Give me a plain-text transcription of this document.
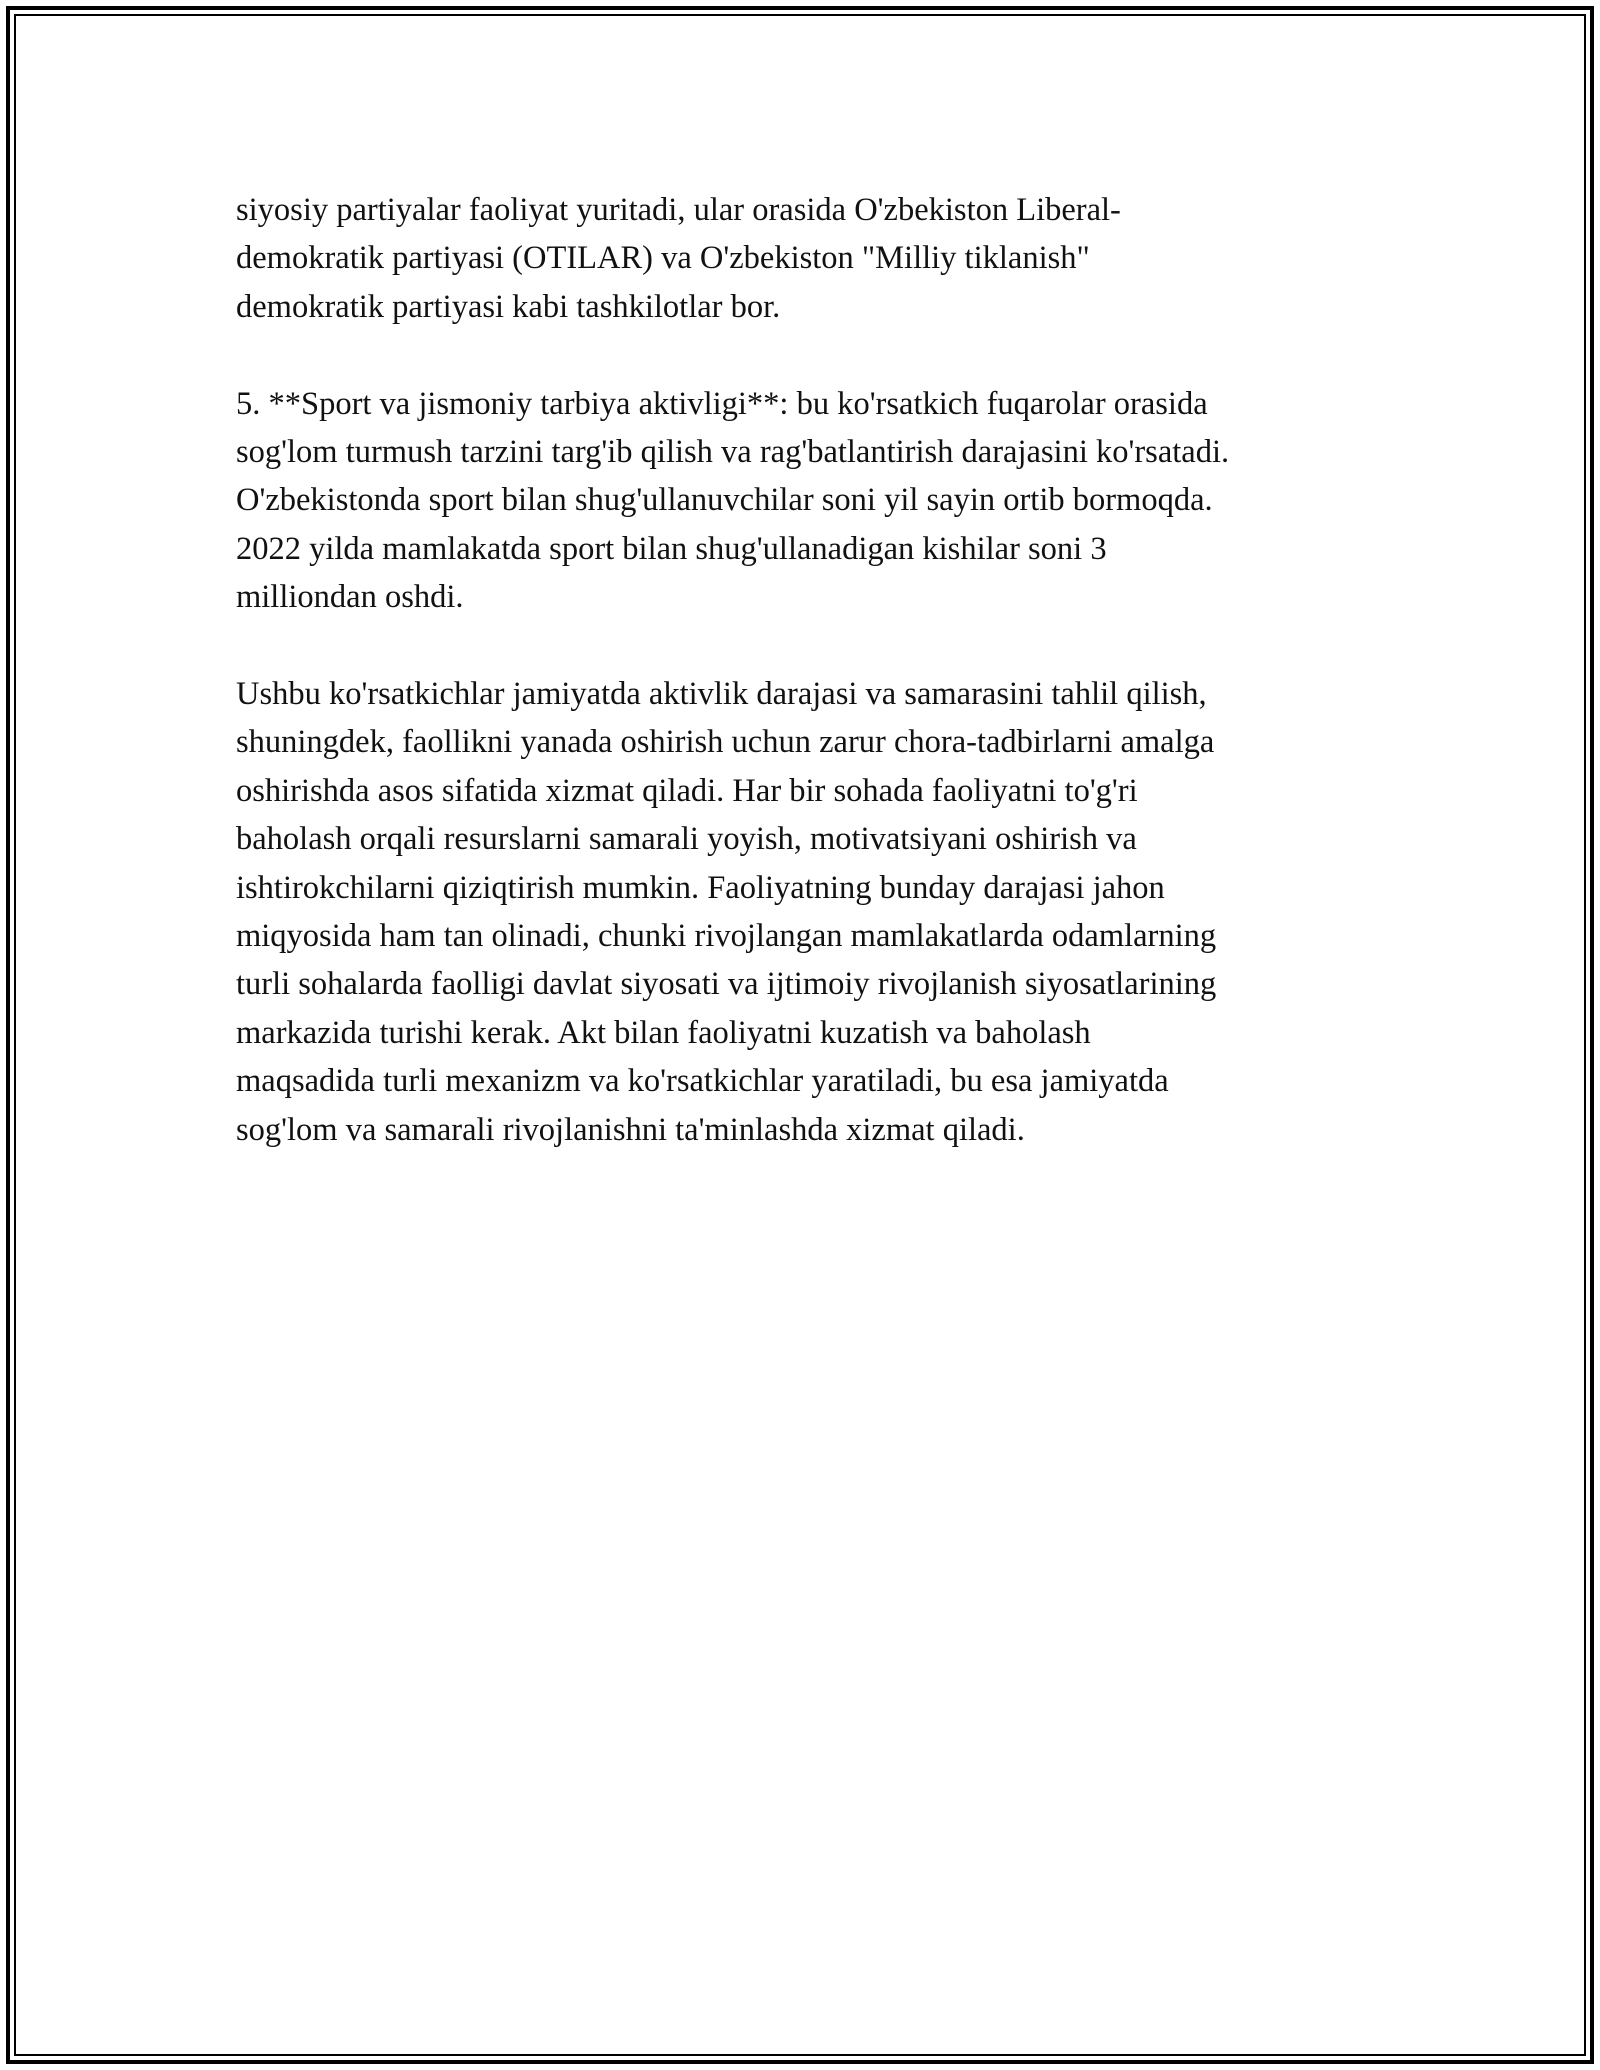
siyosiy partiyalar faoliyat yuritadi, ular orasida O'zbekiston Liberal-
demokratik partiyasi (OTILAR) va O'zbekiston "Milliy tiklanish"
demokratik partiyasi kabi tashkilotlar bor.

5. **Sport va jismoniy tarbiya aktivligi**: bu ko'rsatkich fuqarolar orasida
sog'lom turmush tarzini targ'ib qilish va rag'batlantirish darajasini ko'rsatadi.
O'zbekistonda sport bilan shug'ullanuvchilar soni yil sayin ortib bormoqda.
2022 yilda mamlakatda sport bilan shug'ullanadigan kishilar soni 3
milliondan oshdi.

Ushbu ko'rsatkichlar jamiyatda aktivlik darajasi va samarasini tahlil qilish,
shuningdek, faollikni yanada oshirish uchun zarur chora-tadbirlarni amalga
oshirishda asos sifatida xizmat qiladi. Har bir sohada faoliyatni to'g'ri
baholash orqali resurslarni samarali yoyish, motivatsiyani oshirish va
ishtirokchilarni qiziqtirish mumkin. Faoliyatning bunday darajasi jahon
miqyosida ham tan olinadi, chunki rivojlangan mamlakatlarda odamlarning
turli sohalarda faolligi davlat siyosati va ijtimoiy rivojlanish siyosatlarining
markazida turishi kerak. Akt bilan faoliyatni kuzatish va baholash
maqsadida turli mexanizm va ko'rsatkichlar yaratiladi, bu esa jamiyatda
sog'lom va samarali rivojlanishni ta'minlashda xizmat qiladi.
